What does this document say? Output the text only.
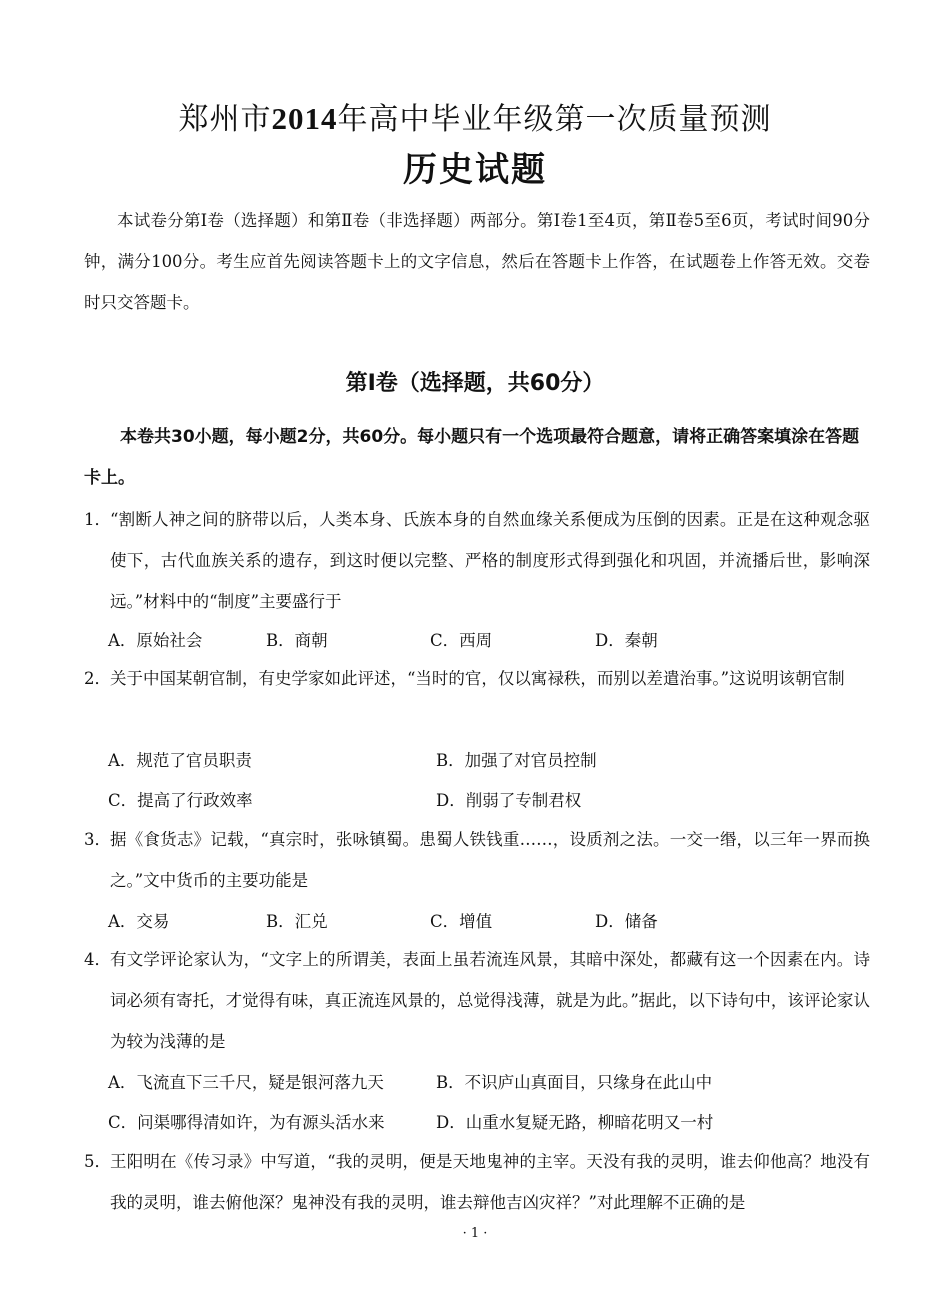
郑州市2014年高中毕业年级第一次质量预测
历史试题
本试卷分第Ⅰ卷（选择题）和第Ⅱ卷（非选择题）两部分。第Ⅰ卷1至4页，第Ⅱ卷5至6页，考试时间90分钟，满分100分。考生应首先阅读答题卡上的文字信息，然后在答题卡上作答，在试题卷上作答无效。交卷时只交答题卡。
第Ⅰ卷（选择题，共60分）
本卷共30小题，每小题2分，共60分。每小题只有一个选项最符合题意，请将正确答案填涂在答题卡上。
1． “割断人神之间的脐带以后，人类本身、氏族本身的自然血缘关系便成为压倒的因素。正是在这种观念驱使下，古代血族关系的遗存，到这时便以完整、严格的制度形式得到强化和巩固，并流播后世，影响深远。”材料中的“制度”主要盛行于
A．原始社会	B．商朝	C．西周	D．秦朝
2． 关于中国某朝官制，有史学家如此评述，“当时的官，仅以寓禄秩，而别以差遣治事。”这说明该朝官制
A．规范了官员职责	B．加强了对官员控制
C．提高了行政效率	D．削弱了专制君权
3． 据《食货志》记载，“真宗时，张咏镇蜀。患蜀人铁钱重……，设质剂之法。一交一缗，以三年一界而换之。”文中货币的主要功能是
A．交易	B．汇兑	C．增值	D．储备
4． 有文学评论家认为，“文字上的所谓美，表面上虽若流连风景，其暗中深处，都藏有这一个因素在内。诗词必须有寄托，才觉得有味，真正流连风景的，总觉得浅薄，就是为此。”据此，以下诗句中，该评论家认为较为浅薄的是
A．飞流直下三千尺，疑是银河落九天	B．不识庐山真面目，只缘身在此山中
C．问渠哪得清如许，为有源头活水来	D．山重水复疑无路，柳暗花明又一村
5． 王阳明在《传习录》中写道，“我的灵明，便是天地鬼神的主宰。天没有我的灵明，谁去仰他高？地没有我的灵明，谁去俯他深？鬼神没有我的灵明，谁去辩他吉凶灾祥？”对此理解不正确的是
· 1 ·
